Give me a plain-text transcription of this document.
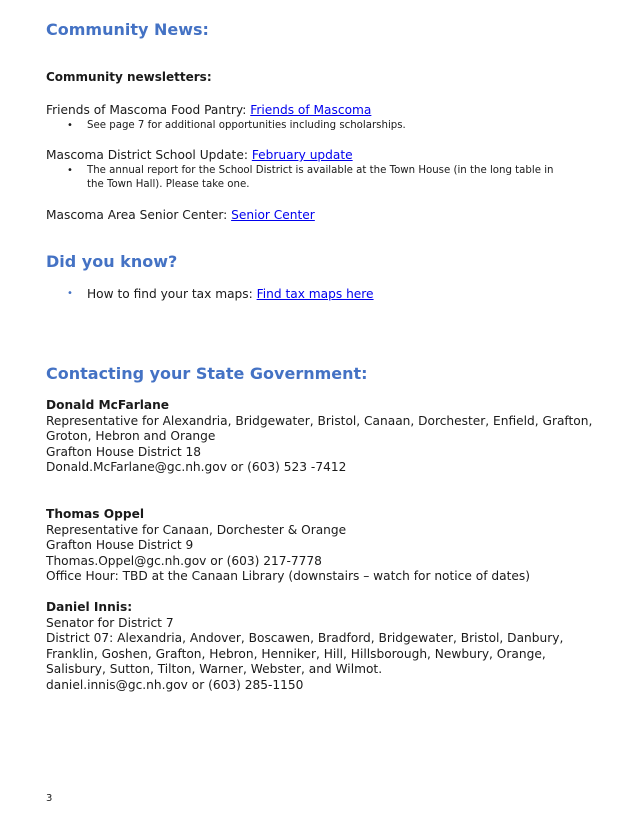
Community News:
Community newsletters:
Friends of Mascoma Food Pantry: Friends of Mascoma
• See page 7 for additional opportunities including scholarships.
Mascoma District School Update: February update
• The annual report for the School District is available at the Town House (in the long table in
the Town Hall). Please take one.
Mascoma Area Senior Center: Senior Center
Did you know?
• How to find your tax maps: Find tax maps here
Contacting your State Government:
Donald McFarlane
Representative for Alexandria, Bridgewater, Bristol, Canaan, Dorchester, Enfield, Grafton,
Groton, Hebron and Orange
Grafton House District 18
Donald.McFarlane@gc.nh.gov or (603) 523 -7412
Thomas Oppel
Representative for Canaan, Dorchester & Orange
Grafton House District 9
Thomas.Oppel@gc.nh.gov or (603) 217-7778
Office Hour: TBD at the Canaan Library (downstairs – watch for notice of dates)
Daniel Innis:
Senator for District 7
District 07: Alexandria, Andover, Boscawen, Bradford, Bridgewater, Bristol, Danbury,
Franklin, Goshen, Grafton, Hebron, Henniker, Hill, Hillsborough, Newbury, Orange,
Salisbury, Sutton, Tilton, Warner, Webster, and Wilmot.
daniel.innis@gc.nh.gov or (603) 285-1150
3
